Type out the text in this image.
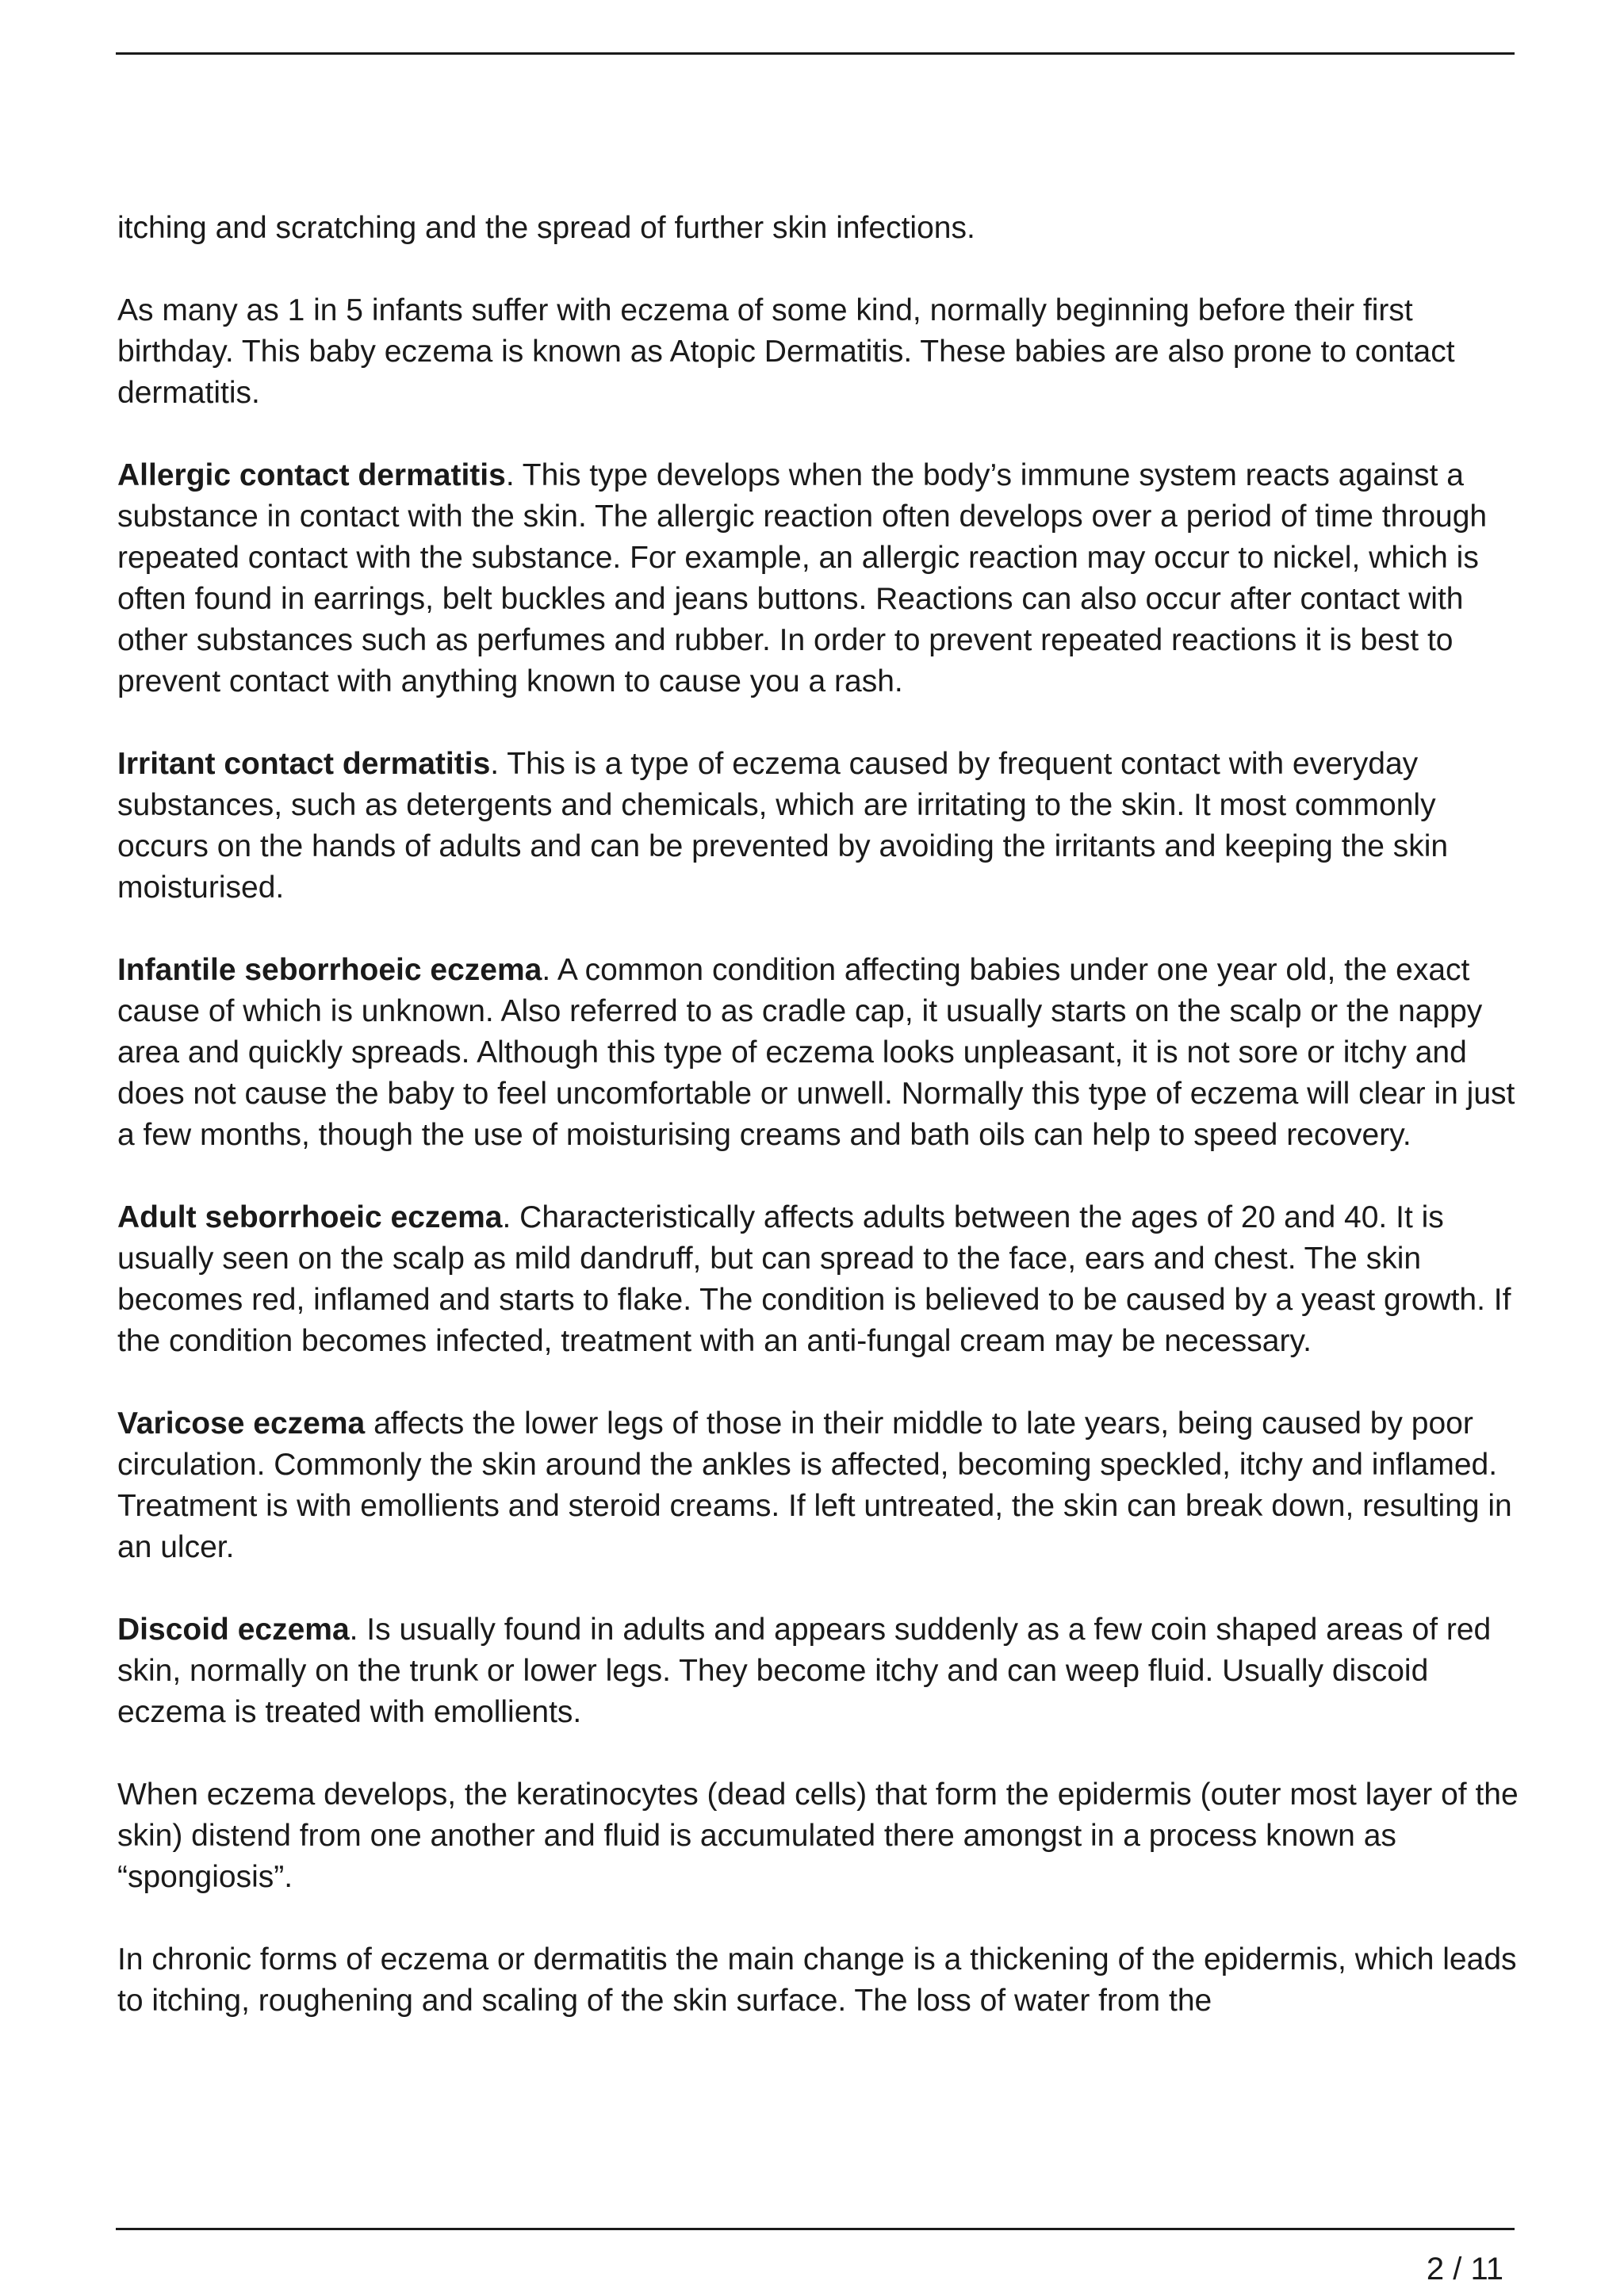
itching and scratching and the spread of further skin infections.

As many as 1 in 5 infants suffer with eczema of some kind, normally beginning before their first birthday. This baby eczema is known as Atopic Dermatitis. These babies are also prone to contact dermatitis.

Allergic contact dermatitis. This type develops when the body’s immune system reacts against a substance in contact with the skin. The allergic reaction often develops over a period of time through repeated contact with the substance. For example, an allergic reaction may occur to nickel, which is often found in earrings, belt buckles and jeans buttons. Reactions can also occur after contact with other substances such as perfumes and rubber. In order to prevent repeated reactions it is best to prevent contact with anything known to cause you a rash.

Irritant contact dermatitis. This is a type of eczema caused by frequent contact with everyday substances, such as detergents and chemicals, which are irritating to the skin. It most commonly occurs on the hands of adults and can be prevented by avoiding the irritants and keeping the skin moisturised.

Infantile seborrhoeic eczema. A common condition affecting babies under one year old, the exact cause of which is unknown. Also referred to as cradle cap, it usually starts on the scalp or the nappy area and quickly spreads. Although this type of eczema looks unpleasant, it is not sore or itchy and does not cause the baby to feel uncomfortable or unwell. Normally this type of eczema will clear in just a few months, though the use of moisturising creams and bath oils can help to speed recovery.

Adult seborrhoeic eczema. Characteristically affects adults between the ages of 20 and 40. It is usually seen on the scalp as mild dandruff, but can spread to the face, ears and chest. The skin becomes red, inflamed and starts to flake. The condition is believed to be caused by a yeast growth. If the condition becomes infected, treatment with an anti-fungal cream may be necessary.

Varicose eczema affects the lower legs of those in their middle to late years, being caused by poor circulation. Commonly the skin around the ankles is affected, becoming speckled, itchy and inflamed. Treatment is with emollients and steroid creams. If left untreated, the skin can break down, resulting in an ulcer.

Discoid eczema. Is usually found in adults and appears suddenly as a few coin shaped areas of red skin, normally on the trunk or lower legs. They become itchy and can weep fluid. Usually discoid eczema is treated with emollients.

When eczema develops, the keratinocytes (dead cells) that form the epidermis (outer most layer of the skin) distend from one another and fluid is accumulated there amongst in a process known as “spongiosis”.

In chronic forms of eczema or dermatitis the main change is a thickening of the epidermis, which leads to itching, roughening and scaling of the skin surface. The loss of water from the

2 / 11
